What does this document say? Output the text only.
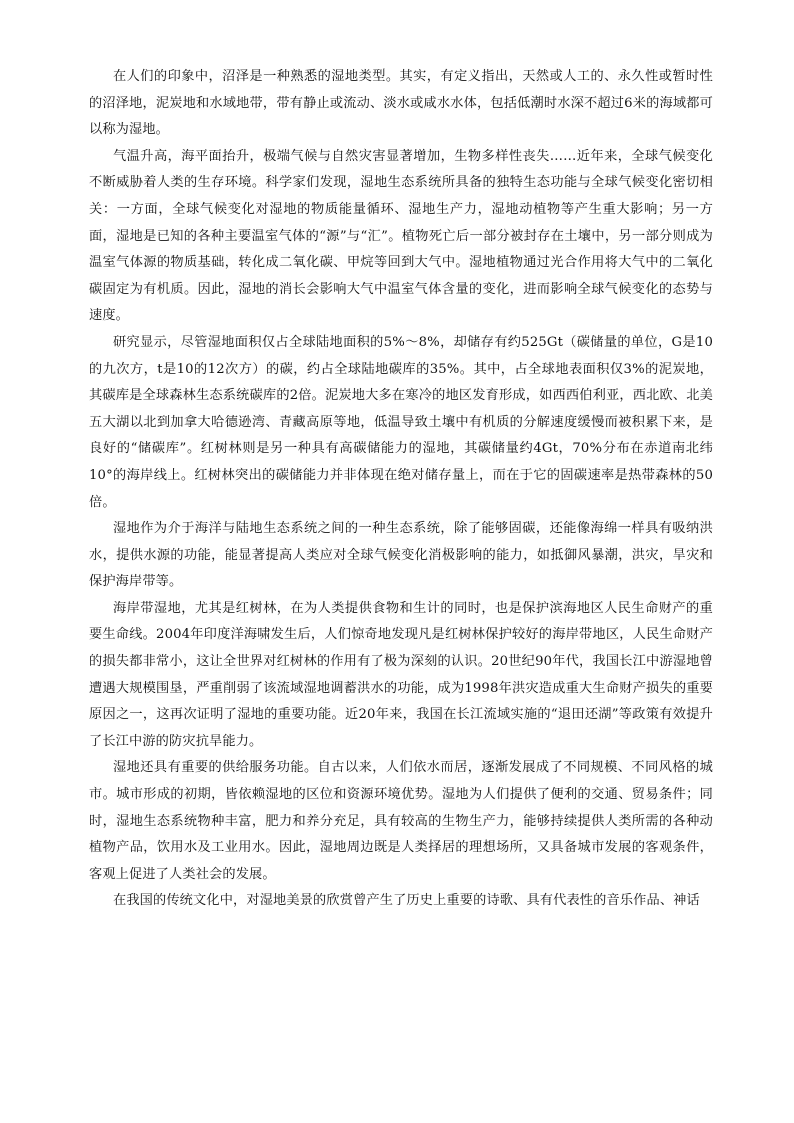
在人们的印象中，沼泽是一种熟悉的湿地类型。其实，有定义指出，天然或人工的、永久性或暂时性的沼泽地，泥炭地和水域地带，带有静止或流动、淡水或咸水水体，包括低潮时水深不超过6米的海域都可以称为湿地。

气温升高，海平面抬升，极端气候与自然灾害显著增加，生物多样性丧失……近年来，全球气候变化不断威胁着人类的生存环境。科学家们发现，湿地生态系统所具备的独特生态功能与全球气候变化密切相关：一方面，全球气候变化对湿地的物质能量循环、湿地生产力，湿地动植物等产生重大影响；另一方面，湿地是已知的各种主要温室气体的“源”与“汇”。植物死亡后一部分被封存在土壤中，另一部分则成为温室气体源的物质基础，转化成二氧化碳、甲烷等回到大气中。湿地植物通过光合作用将大气中的二氧化碳固定为有机质。因此，湿地的消长会影响大气中温室气体含量的变化，进而影响全球气候变化的态势与速度。

研究显示，尽管湿地面积仅占全球陆地面积的5%～8%，却储存有约525Gt（碳储量的单位，G是10的九次方，t是10的12次方）的碳，约占全球陆地碳库的35%。其中，占全球地表面积仅3%的泥炭地，其碳库是全球森林生态系统碳库的2倍。泥炭地大多在寒冷的地区发育形成，如西西伯利亚，西北欧、北美五大湖以北到加拿大哈德逊湾、青藏高原等地，低温导致土壤中有机质的分解速度缓慢而被积累下来，是良好的“储碳库”。红树林则是另一种具有高碳储能力的湿地，其碳储量约4Gt，70%分布在赤道南北纬10°的海岸线上。红树林突出的碳储能力并非体现在绝对储存量上，而在于它的固碳速率是热带森林的50倍。

湿地作为介于海洋与陆地生态系统之间的一种生态系统，除了能够固碳，还能像海绵一样具有吸纳洪水，提供水源的功能，能显著提高人类应对全球气候变化消极影响的能力，如抵御风暴潮，洪灾，旱灾和保护海岸带等。

海岸带湿地，尤其是红树林，在为人类提供食物和生计的同时，也是保护滨海地区人民生命财产的重要生命线。2004年印度洋海啸发生后，人们惊奇地发现凡是红树林保护较好的海岸带地区，人民生命财产的损失都非常小，这让全世界对红树林的作用有了极为深刻的认识。20世纪90年代，我国长江中游湿地曾遭遇大规模围垦，严重削弱了该流域湿地调蓄洪水的功能，成为1998年洪灾造成重大生命财产损失的重要原因之一，这再次证明了湿地的重要功能。近20年来，我国在长江流域实施的“退田还湖”等政策有效提升了长江中游的防灾抗旱能力。

湿地还具有重要的供给服务功能。自古以来，人们依水而居，逐渐发展成了不同规模、不同风格的城市。城市形成的初期，皆依赖湿地的区位和资源环境优势。湿地为人们提供了便利的交通、贸易条件；同时，湿地生态系统物种丰富，肥力和养分充足，具有较高的生物生产力，能够持续提供人类所需的各种动植物产品，饮用水及工业用水。因此，湿地周边既是人类择居的理想场所，又具备城市发展的客观条件，客观上促进了人类社会的发展。

在我国的传统文化中，对湿地美景的欣赏曾产生了历史上重要的诗歌、具有代表性的音乐作品、神话
